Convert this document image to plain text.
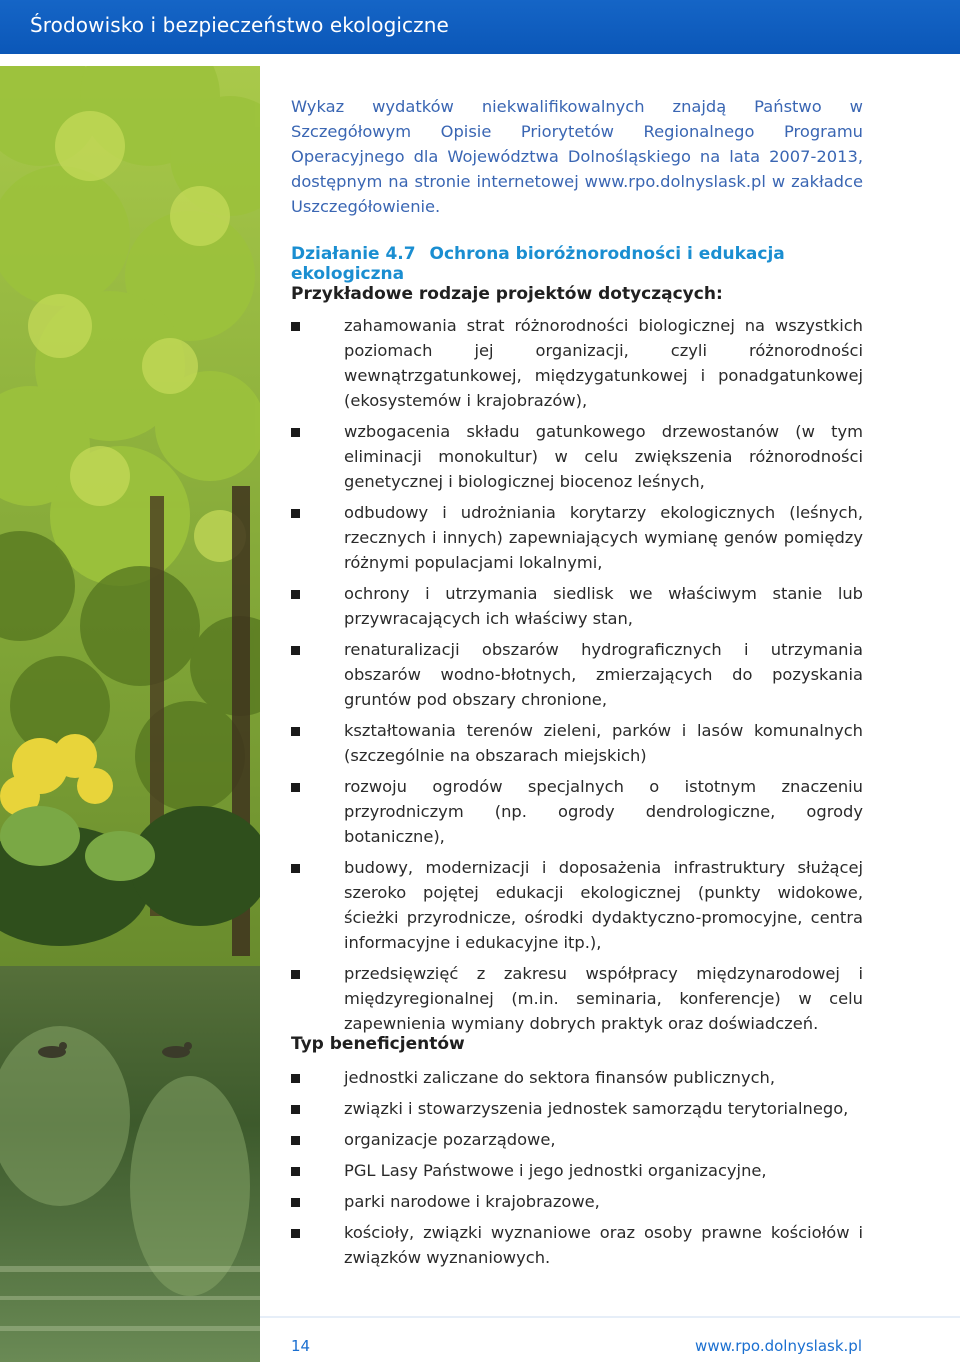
Środowisko i bezpieczeństwo ekologiczne
Wykaz wydatków niekwalifikowalnych znajdą Państwo w Szczegółowym Opisie Priorytetów Regionalnego Programu Operacyjnego dla Województwa Dolnośląskiego na lata 2007-2013, dostępnym na stronie internetowej www.rpo.dolnyslask.pl w zakładce Uszczegółowienie.
Działanie 4.7 Ochrona bioróżnorodności i edukacja ekologiczna
Przykładowe rodzaje projektów dotyczących:
zahamowania strat różnorodności biologicznej na wszystkich poziomach jej organizacji, czyli różnorodności wewnątrzgatunkowej, międzygatunkowej i ponadgatunkowej (ekosystemów i krajobrazów),
wzbogacenia składu gatunkowego drzewostanów (w tym eliminacji monokultur) w celu zwiększenia różnorodności genetycznej i biologicznej biocenoz leśnych,
odbudowy i udrożniania korytarzy ekologicznych (leśnych, rzecznych i innych) zapewniających wymianę genów pomiędzy różnymi populacjami lokalnymi,
ochrony i utrzymania siedlisk we właściwym stanie lub przywracających ich właściwy stan,
renaturalizacji obszarów hydrograficznych i utrzymania obszarów wodno-błotnych, zmierzających do pozyskania gruntów pod obszary chronione,
kształtowania terenów zieleni, parków i lasów komunalnych (szczególnie na obszarach miejskich)
rozwoju ogrodów specjalnych o istotnym znaczeniu przyrodniczym (np. ogrody dendrologiczne, ogrody botaniczne),
budowy, modernizacji i doposażenia infrastruktury służącej szeroko pojętej edukacji ekologicznej (punkty widokowe, ścieżki przyrodnicze, ośrodki dydaktyczno-promocyjne, centra informacyjne i edukacyjne itp.),
przedsięwzięć z zakresu współpracy międzynarodowej i międzyregionalnej (m.in. seminaria, konferencje) w celu zapewnienia wymiany dobrych praktyk oraz doświadczeń.
Typ beneficjentów
jednostki zaliczane do sektora finansów publicznych,
związki i stowarzyszenia jednostek samorządu terytorialnego,
organizacje pozarządowe,
PGL Lasy Państwowe i jego jednostki organizacyjne,
parki narodowe i krajobrazowe,
kościoły, związki wyznaniowe oraz osoby prawne kościołów i związków wyznaniowych.
14	www.rpo.dolnyslask.pl
